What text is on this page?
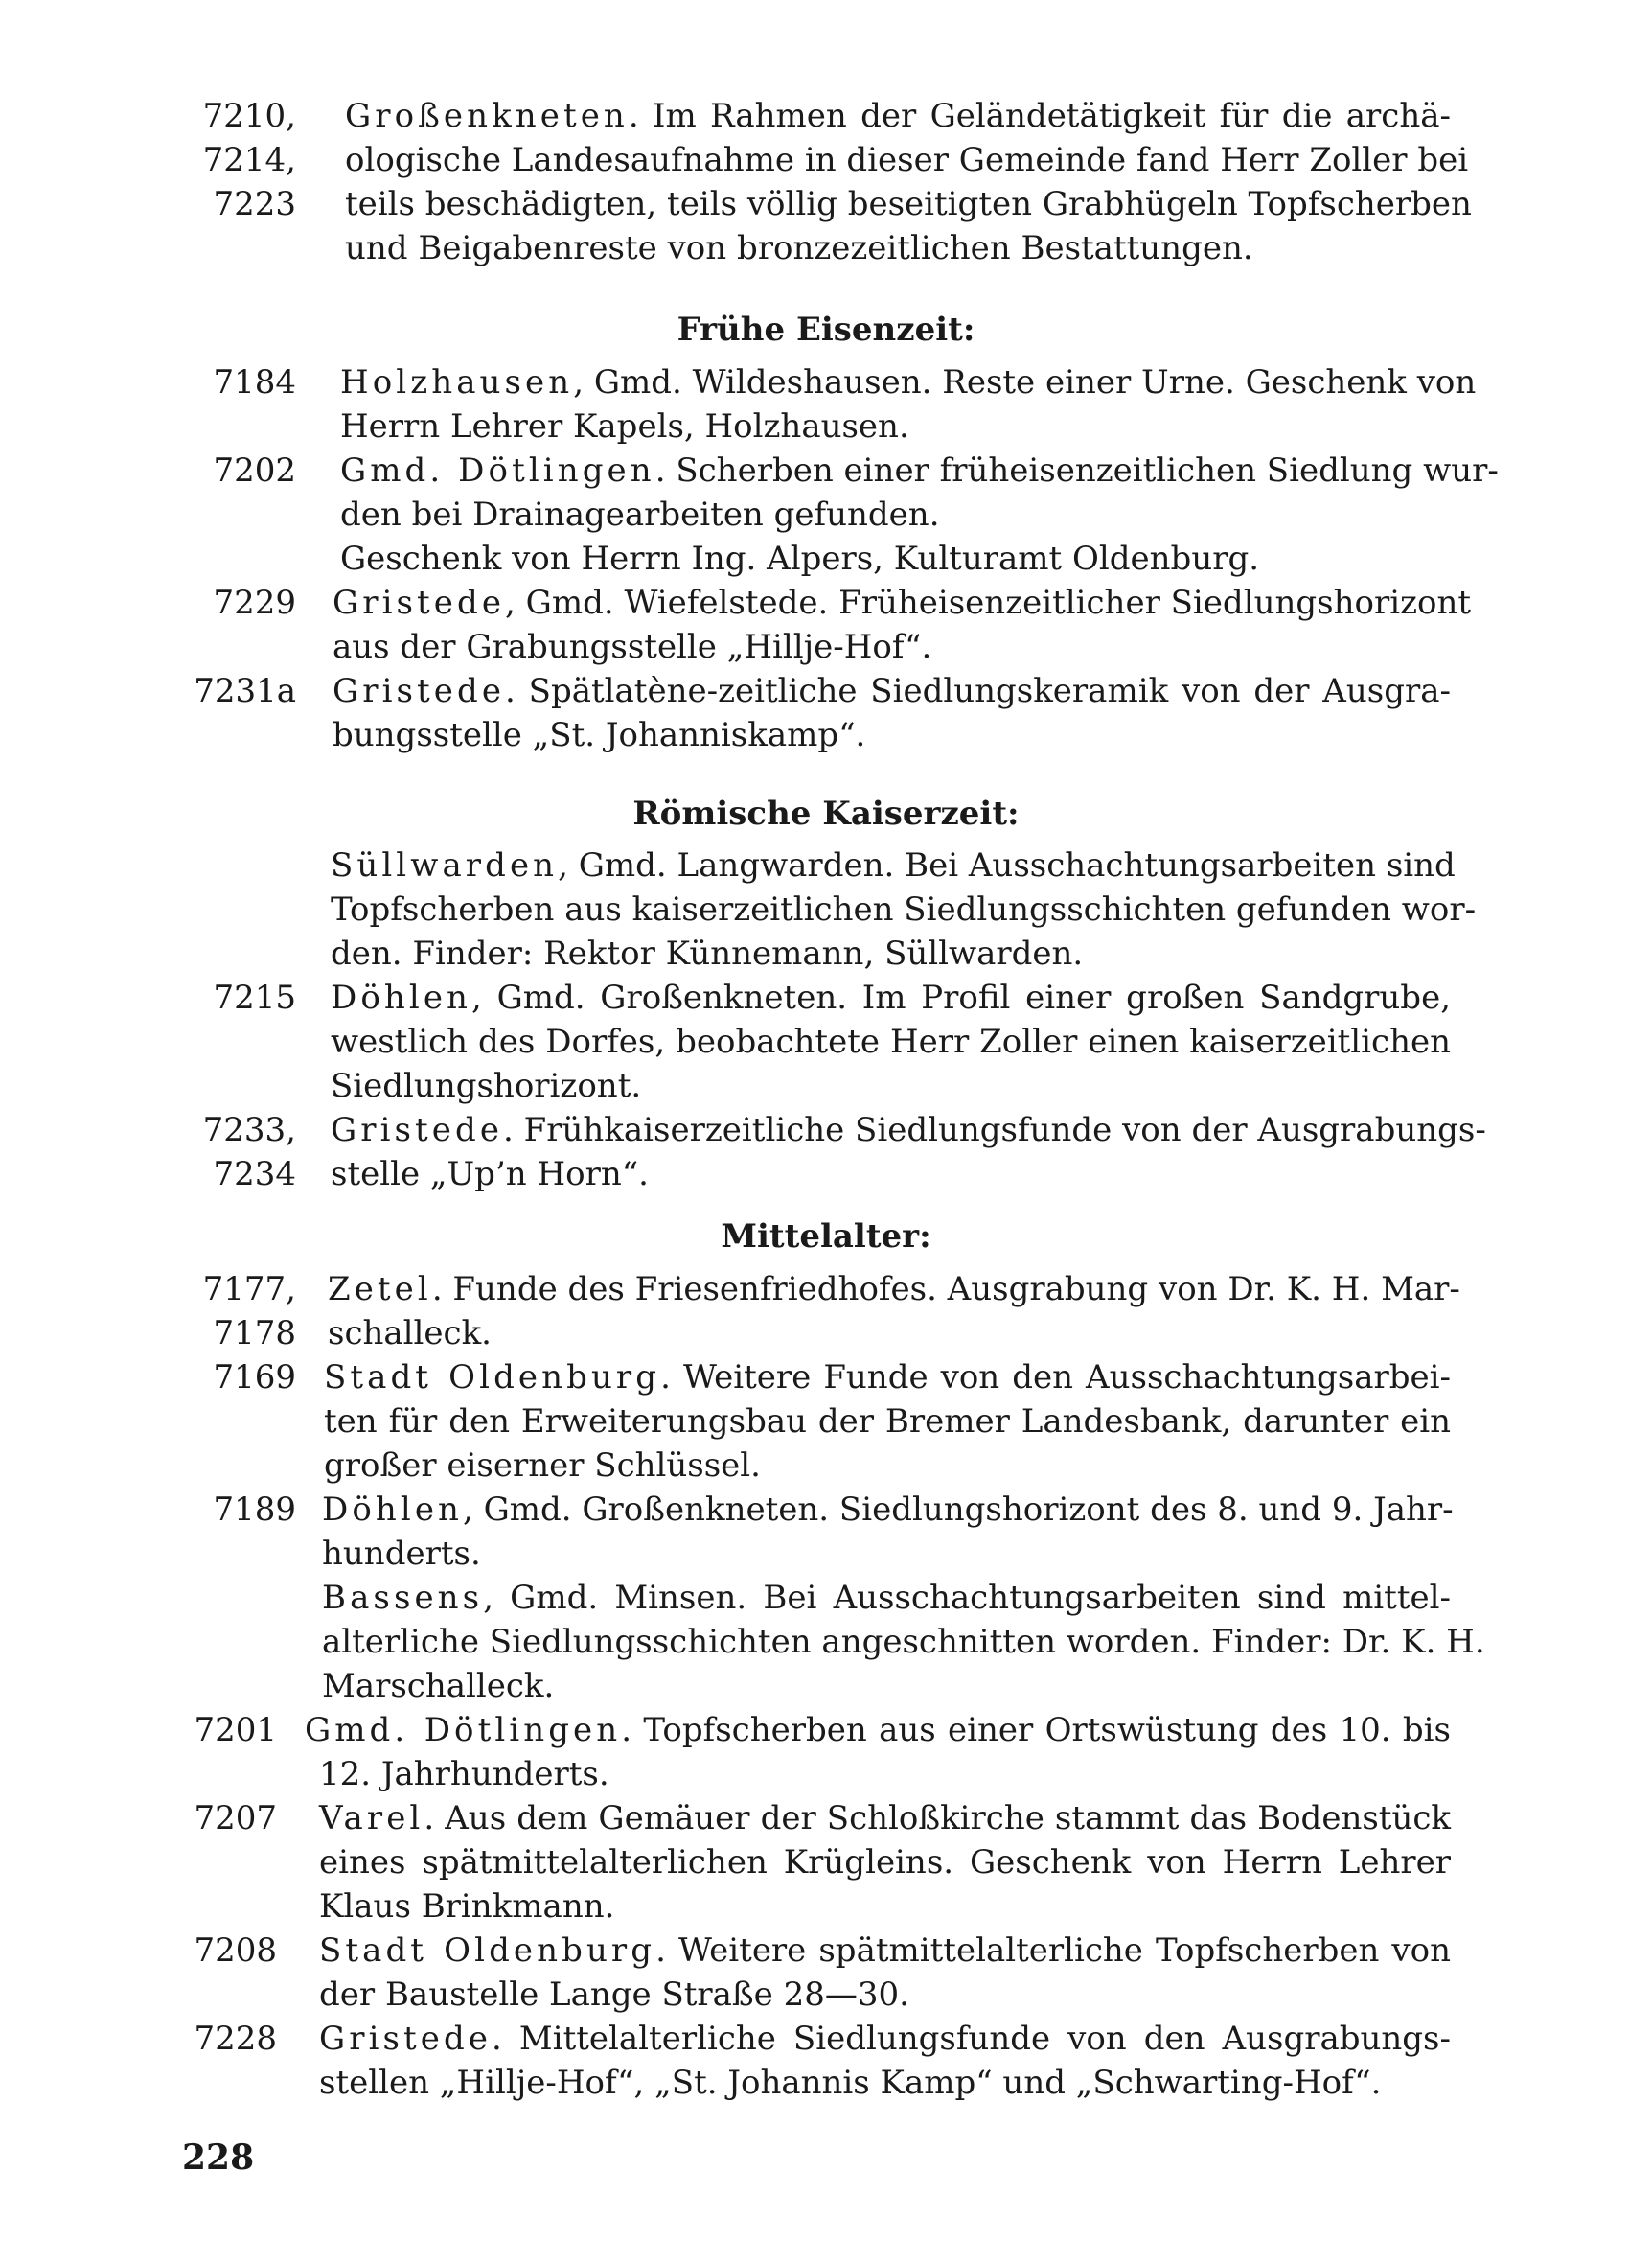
7210, Großenkneten. Im Rahmen der Geländetätigkeit für die archä-
7214, ologische Landesaufnahme in dieser Gemeinde fand Herr Zoller bei
7223 teils beschädigten, teils völlig beseitigten Grabhügeln Topfscherben
und Beigabenreste von bronzezeitlichen Bestattungen.
Frühe Eisenzeit:
7184 Holzhausen, Gmd. Wildeshausen. Reste einer Urne. Geschenk von
Herrn Lehrer Kapels, Holzhausen.
7202 Gmd. Dötlingen. Scherben einer früheisenzeitlichen Siedlung wur-
den bei Drainagearbeiten gefunden.
Geschenk von Herrn Ing. Alpers, Kulturamt Oldenburg.
7229 Gristede, Gmd. Wiefelstede. Früheisenzeitlicher Siedlungshorizont
aus der Grabungsstelle „Hillje-Hof“.
7231a Gristede. Spätlatène-zeitliche Siedlungskeramik von der Ausgra-
bungsstelle „St. Johanniskamp“.
Römische Kaiserzeit:
Süllwarden, Gmd. Langwarden. Bei Ausschachtungsarbeiten sind
Topfscherben aus kaiserzeitlichen Siedlungsschichten gefunden wor-
den. Finder: Rektor Künnemann, Süllwarden.
7215 Döhlen, Gmd. Großenkneten. Im Profil einer großen Sandgrube,
westlich des Dorfes, beobachtete Herr Zoller einen kaiserzeitlichen
Siedlungshorizont.
7233, Gristede. Frühkaiserzeitliche Siedlungsfunde von der Ausgrabungs-
7234 stelle „Up’n Horn“.
Mittelalter:
7177, Zetel. Funde des Friesenfriedhofes. Ausgrabung von Dr. K. H. Mar-
7178 schalleck.
7169 Stadt Oldenburg. Weitere Funde von den Ausschachtungsarbei-
ten für den Erweiterungsbau der Bremer Landesbank, darunter ein
großer eiserner Schlüssel.
7189 Döhlen, Gmd. Großenkneten. Siedlungshorizont des 8. und 9. Jahr-
hunderts.
Bassens, Gmd. Minsen. Bei Ausschachtungsarbeiten sind mittel-
alterliche Siedlungsschichten angeschnitten worden. Finder: Dr. K. H.
Marschalleck.
7201 Gmd. Dötlingen. Topfscherben aus einer Ortswüstung des 10. bis
12. Jahrhunderts.
7207 Varel. Aus dem Gemäuer der Schloßkirche stammt das Bodenstück
eines spätmittelalterlichen Krügleins. Geschenk von Herrn Lehrer
Klaus Brinkmann.
7208 Stadt Oldenburg. Weitere spätmittelalterliche Topfscherben von
der Baustelle Lange Straße 28—30.
7228 Gristede. Mittelalterliche Siedlungsfunde von den Ausgrabungs-
stellen „Hillje-Hof“, „St. Johannis Kamp“ und „Schwarting-Hof“.
228
